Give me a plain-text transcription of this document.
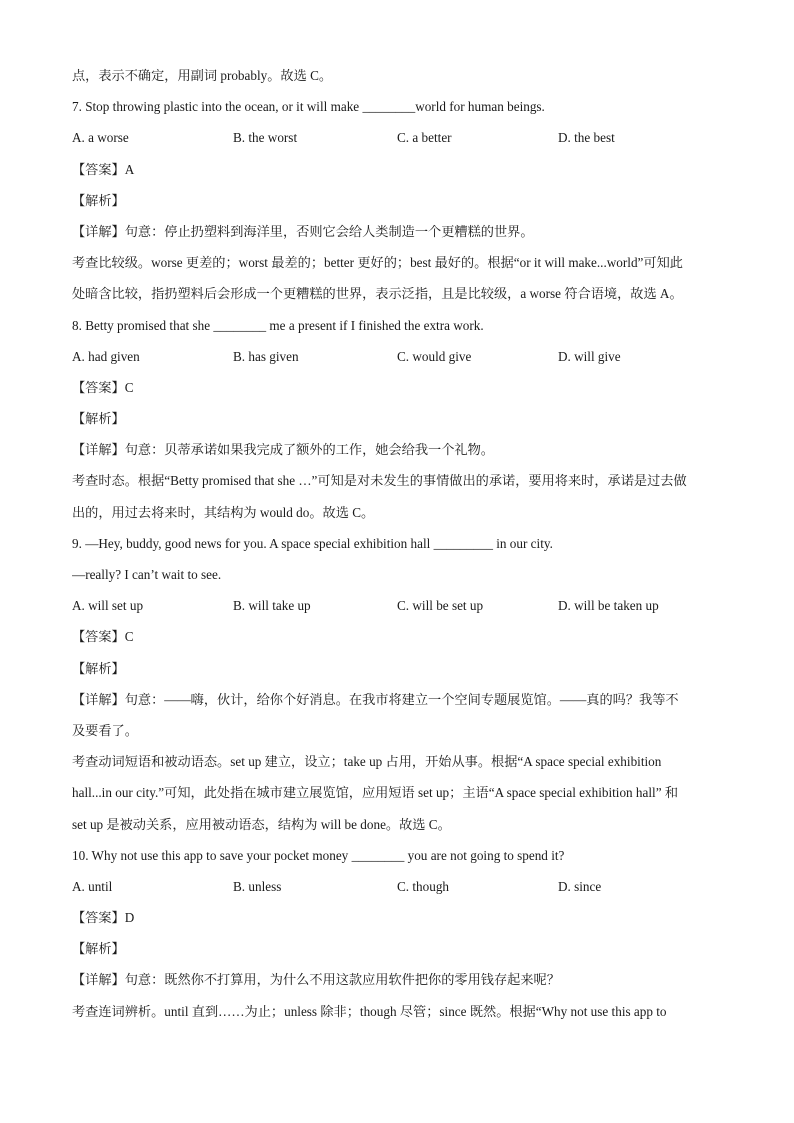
点，表示不确定，用副词 probably。故选 C。
7. Stop throwing plastic into the ocean, or it will make ________world for human beings.
A. a worse	B. the worst	C. a better	D. the best
【答案】A
【解析】
【详解】句意：停止扔塑料到海洋里，否则它会给人类制造一个更糟糕的世界。
考查比较级。worse 更差的；worst 最差的；better 更好的；best 最好的。根据“or it will make...world”可知此
处暗含比较，指扔塑料后会形成一个更糟糕的世界，表示泛指，且是比较级，a worse 符合语境，故选 A。
8. Betty promised that she ________ me a present if I finished the extra work.
A. had given	B. has given	C. would give	D. will give
【答案】C
【解析】
【详解】句意：贝蒂承诺如果我完成了额外的工作，她会给我一个礼物。
考查时态。根据“Betty promised that she …”可知是对未发生的事情做出的承诺，要用将来时，承诺是过去做
出的，用过去将来时，其结构为 would do。故选 C。
9. —Hey, buddy, good news for you. A space special exhibition hall _________ in our city.
—really? I can’t wait to see.
A. will set up	B. will take up	C. will be set up	D. will be taken up
【答案】C
【解析】
【详解】句意：——嗨，伙计，给你个好消息。在我市将建立一个空间专题展览馆。——真的吗？我等不
及要看了。
考查动词短语和被动语态。set up 建立，设立；take up 占用，开始从事。根据“A space special exhibition
hall...in our city.”可知，此处指在城市建立展览馆，应用短语 set up；主语“A space special exhibition hall” 和
set up 是被动关系，应用被动语态，结构为 will be done。故选 C。
10. Why not use this app to save your pocket money ________ you are not going to spend it?
A. until	B. unless	C. though	D. since
【答案】D
【解析】
【详解】句意：既然你不打算用，为什么不用这款应用软件把你的零用钱存起来呢？
考查连词辨析。until 直到……为止；unless 除非；though 尽管；since 既然。根据“Why not use this app to
